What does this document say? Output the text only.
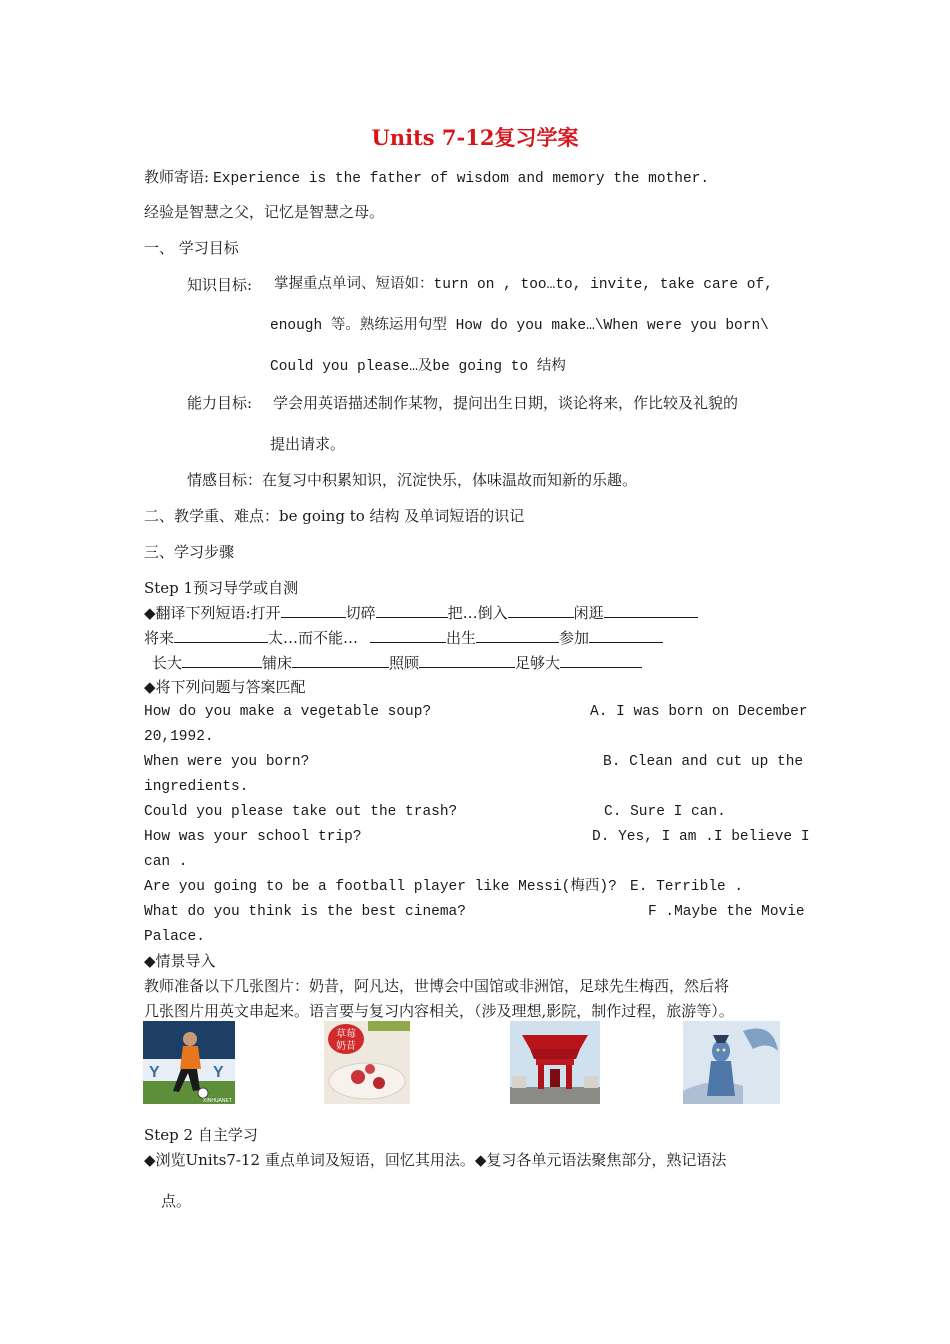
Units 7-12复习学案
教师寄语: Experience is the father of wisdom and memory the mother.
经验是智慧之父，记忆是智慧之母。
一、 学习目标
知识目标: 掌握重点单词、短语如：turn on , too…to, invite, take care of,
enough 等。熟练运用句型 How do you make…\When were you born\
Could you please…及be going to 结构
能力目标: 学会用英语描述制作某物，提问出生日期，谈论将来，作比较及礼貌的
提出请求。
情感目标：在复习中积累知识，沉淀快乐，体味温故而知新的乐趣。
二、教学重、难点：be going to 结构 及单词短语的识记
三、学习步骤
Step 1预习导学或自测
◆翻译下列短语:打开	切碎	把…倒入	闲逛
将来	太…而不能…	出生	参加
长大	铺床	照顾	足够大
◆将下列问题与答案匹配
How do you make a vegetable soup?	A. I was born on December
20,1992.
When were you born?	B. Clean and cut up the
ingredients.
Could you please take out the trash?	C. Sure I can.
How was your school trip?	D. Yes, I am .I believe I
can .
Are you going to be a football player like Messi(梅西)? E. Terrible .
What do you think is the best cinema?	F .Maybe the Movie
Palace.
◆情景导入
教师准备以下几张图片：奶昔，阿凡达，世博会中国馆或非洲馆，足球先生梅西，然后将
几张图片用英文串起来。语言要与复习内容相关，（涉及理想,影院，制作过程，旅游等）。
Y	Y
XINHUANET
草莓
奶昔
Step 2 自主学习
◆浏览Units7-12 重点单词及短语，回忆其用法。◆复习各单元语法聚焦部分，熟记语法
点。
